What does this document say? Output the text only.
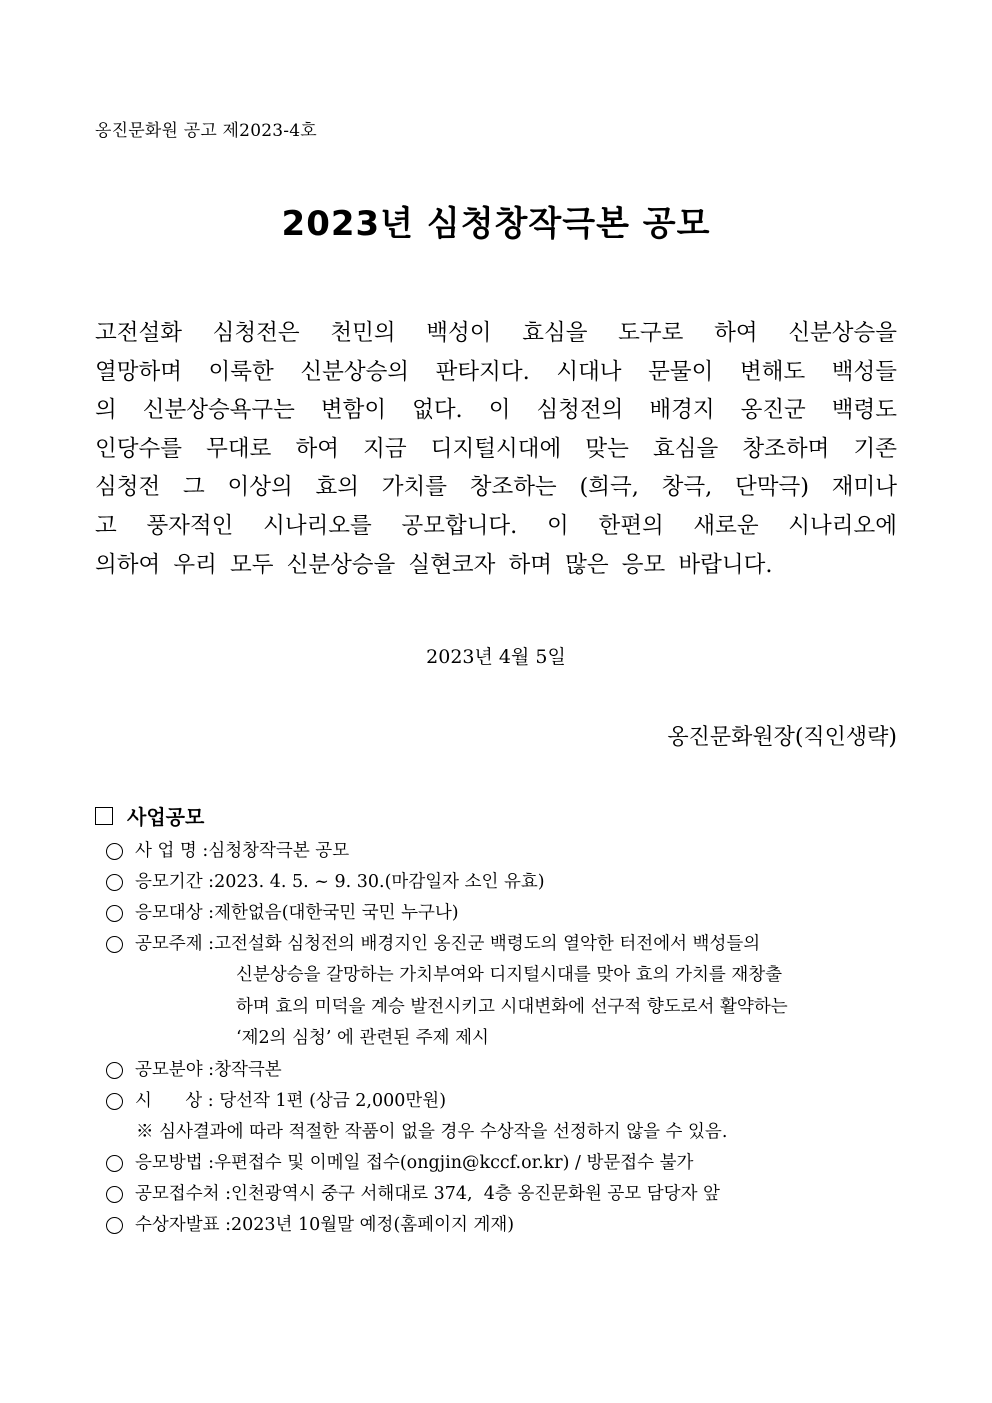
옹진문화원 공고 제2023-4호
2023년 심청창작극본 공모

고전설화 심청전은 천민의 백성이 효심을 도구로 하여 신분상승을
열망하며 이룩한 신분상승의 판타지다. 시대나 문물이 변해도 백성들
의 신분상승욕구는 변함이 없다. 이 심청전의 배경지 옹진군 백령도
인당수를 무대로 하여 지금 디지털시대에 맞는 효심을 창조하며 기존
심청전 그 이상의 효의 가치를 창조하는 (희극, 창극, 단막극) 재미나
고 풍자적인 시나리오를 공모합니다. 이 한편의 새로운 시나리오에
의하여 우리 모두 신분상승을 실현코자 하며 많은 응모 바랍니다.

2023년 4월 5일
옹진문화원장(직인생략)
사업공모
사 업 명 : 심청창작극본 공모
응모기간 : 2023. 4. 5. ~ 9. 30.(마감일자 소인 유효)
응모대상 : 제한없음(대한국민 국민 누구나)
공모주제 : 고전설화 심청전의 배경지인 옹진군 백령도의 열악한 터전에서 백성들의
신분상승을 갈망하는 가치부여와 디지털시대를 맞아 효의 가치를 재창출
하며 효의 미덕을 계승 발전시키고 시대변화에 선구적 향도로서 활약하는
‘제2의 심청’ 에 관련된 주제 제시
공모분야 : 창작극본
시      상 : 당선작 1편 (상금 2,000만원)
※ 심사결과에 따라 적절한 작품이 없을 경우 수상작을 선정하지 않을 수 있음.
응모방법 : 우편접수 및 이메일 접수(ongjin@kccf.or.kr) / 방문접수 불가
공모접수처 : 인천광역시 중구 서해대로 374,  4층 옹진문화원 공모 담당자 앞
수상자발표 : 2023년 10월말 예정(홈페이지 게재)
